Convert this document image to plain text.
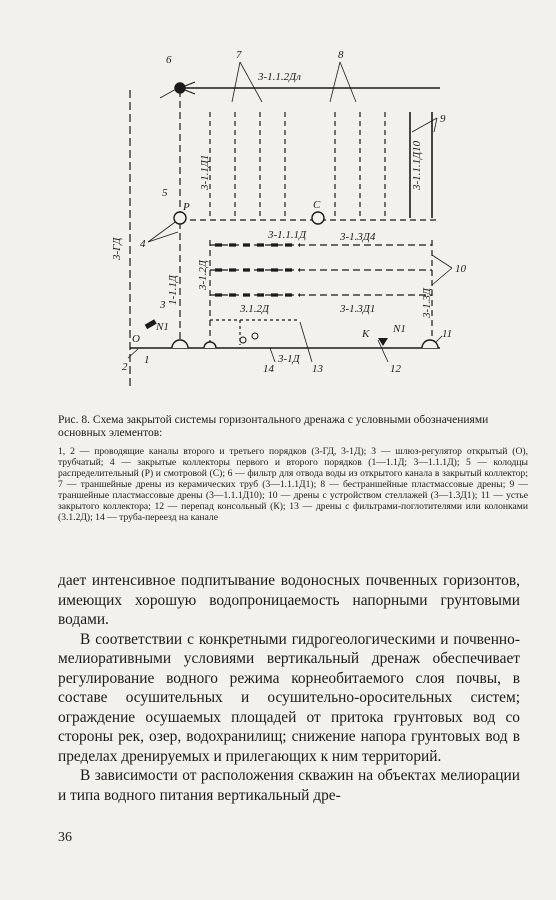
6	7	8
9
5
4
10
3
1
2
11
12
13
14
O
P	C
K
N1	N1
3-1.1.2Дл
3-1.1.1Д	3-1.3Д4
3.1.2Д	3-1.3Д1
3-1Д
3-ГД
3-1.1Д1	3-1.1.1Д10
1-1.1Д
3-1.2Д
3-1.3Д

Рис. 8. Схема закрытой системы горизонтального дренажа с условными обозначениями основных элементов:

1, 2 — проводящие каналы второго и третьего порядков (3-ГД, 3-1Д); 3 — шлюз-регулятор открытый (О), трубчатый; 4 — закрытые коллекторы первого и второго порядков (1—1.1Д; 3—1.1.1Д); 5 — колодцы распределительный (Р) и смотровой (С); 6 — фильтр для отвода воды из открытого канала в закрытый коллектор; 7 — траншейные дрены из керамических труб (3—1.1.1Д1); 8 — бестраншейные пластмассовые дрены; 9 — траншейные пластмассовые дрены (3—1.1.1Д10); 10 — дрены с устройством стеллажей (3—1.3Д1); 11 — устье закрытого коллектора; 12 — перепад консольный (К); 13 — дрены с фильтрами-поглотителями или колонками (3.1.2Д); 14 — труба-переезд на канале

дает интенсивное подпитывание водоносных почвенных горизонтов, имеющих хорошую водопроницаемость напорными грунтовыми водами.

В соответствии с конкретными гидрогеологическими и почвенно-мелиоративными условиями вертикальный дренаж обеспечивает регулирование водного режима корнеобитаемого слоя почвы, в составе осушительных и осушительно-оросительных систем; ограждение осушаемых площадей от притока грунтовых вод со стороны рек, озер, водохранилищ; снижение напора грунтовых вод в пределах дренируемых и прилегающих к ним территорий.

В зависимости от расположения скважин на объектах мелиорации и типа водного питания вертикальный дре-

36
